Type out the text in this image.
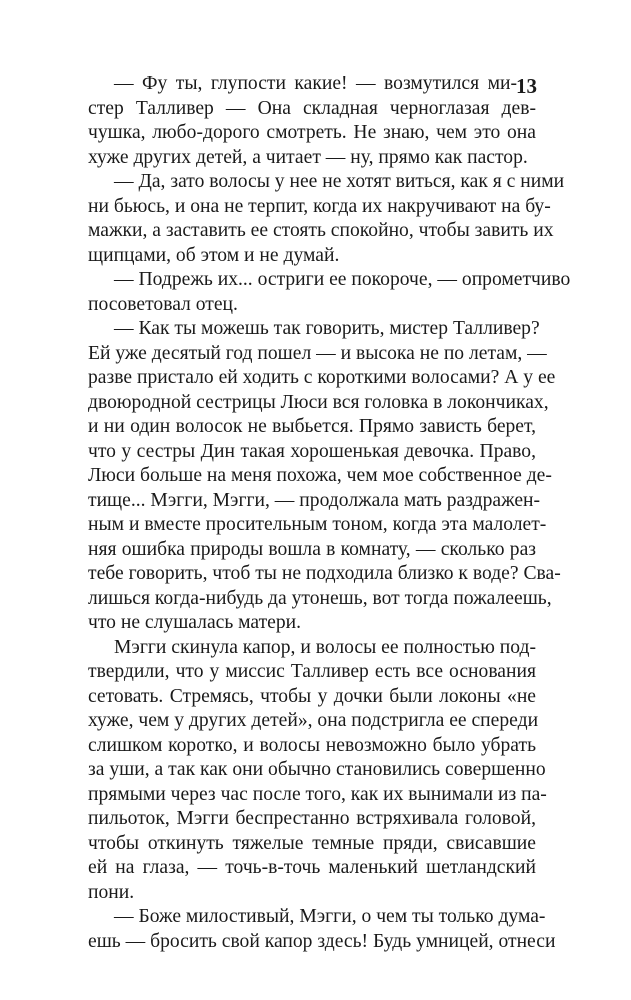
13
— Фу ты, глупости какие! — возмутился ми-
стер Талливер — Она складная черноглазая дев-
чушка, любо-дорого смотреть. Не знаю, чем это она
хуже других детей, а читает — ну, прямо как пастор.
— Да, зато волосы у нее не хотят виться, как я с ними
ни бьюсь, и она не терпит, когда их накручивают на бу-
мажки, а заставить ее стоять спокойно, чтобы завить их
щипцами, об этом и не думай.
— Подрежь их... остриги ее покороче, — опрометчиво
посоветовал отец.
— Как ты можешь так говорить, мистер Талливер?
Ей уже десятый год пошел — и высока не по летам, —
разве пристало ей ходить с короткими волосами? А у ее
двоюродной сестрицы Люси вся головка в локончиках,
и ни один волосок не выбьется. Прямо зависть берет,
что у сестры Дин такая хорошенькая девочка. Право,
Люси больше на меня похожа, чем мое собственное де-
тище... Мэгги, Мэгги, — продолжала мать раздражен-
ным и вместе просительным тоном, когда эта малолет-
няя ошибка природы вошла в комнату, — сколько раз
тебе говорить, чтоб ты не подходила близко к воде? Сва-
лишься когда-нибудь да утонешь, вот тогда пожалеешь,
что не слушалась матери.
Мэгги скинула капор, и волосы ее полностью под-
твердили, что у миссис Талливер есть все основания
сетовать. Стремясь, чтобы у дочки были локоны «не
хуже, чем у других детей», она подстригла ее спереди
слишком коротко, и волосы невозможно было убрать
за уши, а так как они обычно становились совершенно
прямыми через час после того, как их вынимали из па-
пильоток, Мэгги беспрестанно встряхивала головой,
чтобы откинуть тяжелые темные пряди, свисавшие
ей на глаза, — точь-в-точь маленький шетландский
пони.
— Боже милостивый, Мэгги, о чем ты только дума-
ешь — бросить свой капор здесь! Будь умницей, отнеси
